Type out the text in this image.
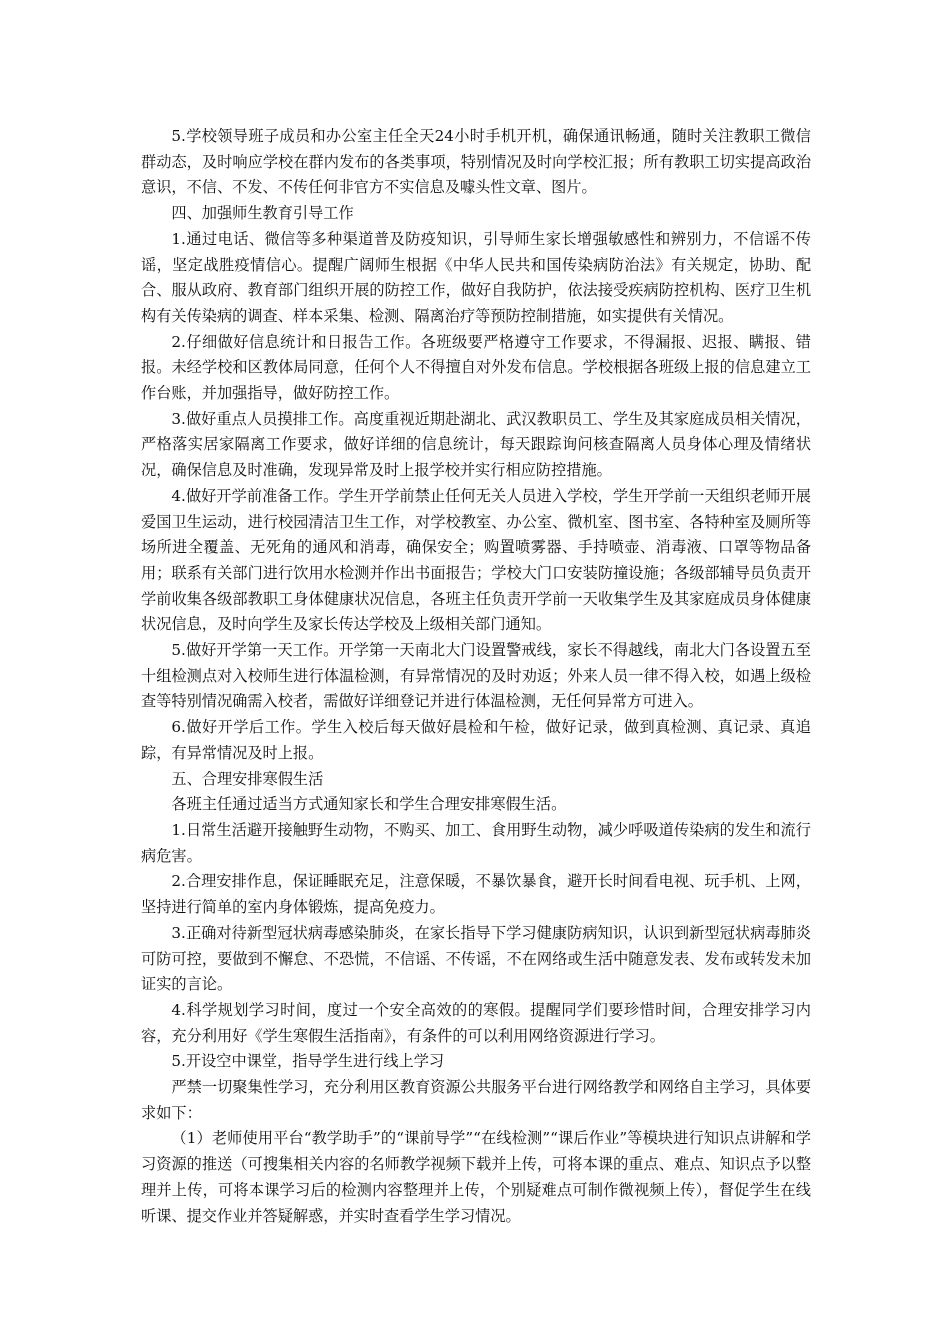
5.学校领导班子成员和办公室主任全天24小时手机开机，确保通讯畅通，随时关注教职工微信群动态，及时响应学校在群内发布的各类事项，特别情况及时向学校汇报；所有教职工切实提高政治意识，不信、不发、不传任何非官方不实信息及噱头性文章、图片。

四、加强师生教育引导工作

1.通过电话、微信等多种渠道普及防疫知识，引导师生家长增强敏感性和辨别力，不信谣不传谣，坚定战胜疫情信心。提醒广阔师生根据《中华人民共和国传染病防治法》有关规定，协助、配合、服从政府、教育部门组织开展的防控工作，做好自我防护，依法接受疾病防控机构、医疗卫生机构有关传染病的调查、样本采集、检测、隔离治疗等预防控制措施，如实提供有关情况。

2.仔细做好信息统计和日报告工作。各班级要严格遵守工作要求，不得漏报、迟报、瞒报、错报。未经学校和区教体局同意，任何个人不得擅自对外发布信息。学校根据各班级上报的信息建立工作台账，并加强指导，做好防控工作。

3.做好重点人员摸排工作。高度重视近期赴湖北、武汉教职员工、学生及其家庭成员相关情况，严格落实居家隔离工作要求，做好详细的信息统计，每天跟踪询问核查隔离人员身体心理及情绪状况，确保信息及时准确，发现异常及时上报学校并实行相应防控措施。

4.做好开学前准备工作。学生开学前禁止任何无关人员进入学校，学生开学前一天组织老师开展爱国卫生运动，进行校园清洁卫生工作，对学校教室、办公室、微机室、图书室、各特种室及厕所等场所进全覆盖、无死角的通风和消毒，确保安全；购置喷雾器、手持喷壶、消毒液、口罩等物品备用；联系有关部门进行饮用水检测并作出书面报告；学校大门口安装防撞设施；各级部辅导员负责开学前收集各级部教职工身体健康状况信息，各班主任负责开学前一天收集学生及其家庭成员身体健康状况信息，及时向学生及家长传达学校及上级相关部门通知。

5.做好开学第一天工作。开学第一天南北大门设置警戒线，家长不得越线，南北大门各设置五至十组检测点对入校师生进行体温检测，有异常情况的及时劝返；外来人员一律不得入校，如遇上级检查等特别情况确需入校者，需做好详细登记并进行体温检测，无任何异常方可进入。

6.做好开学后工作。学生入校后每天做好晨检和午检，做好记录，做到真检测、真记录、真追踪，有异常情况及时上报。

五、合理安排寒假生活

各班主任通过适当方式通知家长和学生合理安排寒假生活。

1.日常生活避开接触野生动物，不购买、加工、食用野生动物，减少呼吸道传染病的发生和流行病危害。

2.合理安排作息，保证睡眠充足，注意保暖，不暴饮暴食，避开长时间看电视、玩手机、上网，坚持进行简单的室内身体锻炼，提高免疫力。

3.正确对待新型冠状病毒感染肺炎，在家长指导下学习健康防病知识，认识到新型冠状病毒肺炎可防可控，要做到不懈怠、不恐慌，不信谣、不传谣，不在网络或生活中随意发表、发布或转发未加证实的言论。

4.科学规划学习时间，度过一个安全高效的的寒假。提醒同学们要珍惜时间，合理安排学习内容，充分利用好《学生寒假生活指南》，有条件的可以利用网络资源进行学习。

5.开设空中课堂，指导学生进行线上学习

严禁一切聚集性学习，充分利用区教育资源公共服务平台进行网络教学和网络自主学习，具体要求如下：

（1）老师使用平台“教学助手”的“课前导学”“在线检测”“课后作业”等模块进行知识点讲解和学习资源的推送（可搜集相关内容的名师教学视频下载并上传，可将本课的重点、难点、知识点予以整理并上传，可将本课学习后的检测内容整理并上传，个别疑难点可制作微视频上传），督促学生在线听课、提交作业并答疑解惑，并实时查看学生学习情况。
